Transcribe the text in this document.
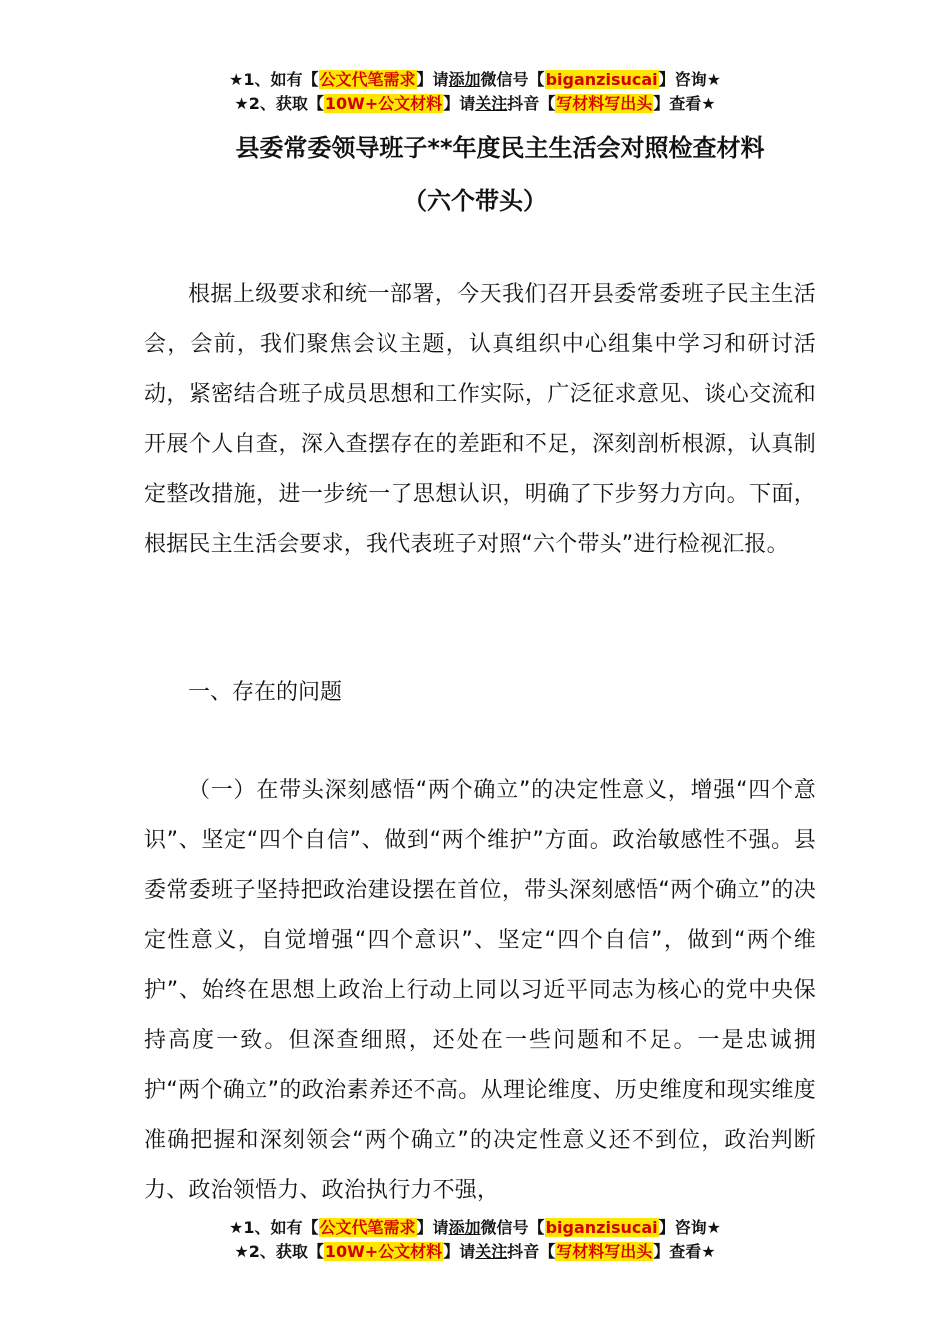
★1、如有【公文代笔需求】请添加微信号【biganzisucai】咨询★
★2、获取【10W+公文材料】请关注抖音【写材料写出头】查看★
县委常委领导班子**年度民主生活会对照检查材料
（六个带头）

根据上级要求和统一部署，今天我们召开县委常委班子民主生活会，会前，我们聚焦会议主题，认真组织中心组集中学习和研讨活动，紧密结合班子成员思想和工作实际，广泛征求意见、谈心交流和开展个人自查，深入查摆存在的差距和不足，深刻剖析根源，认真制定整改措施，进一步统一了思想认识，明确了下步努力方向。下面，根据民主生活会要求，我代表班子对照“六个带头”进行检视汇报。

一、存在的问题

（一）在带头深刻感悟“两个确立”的决定性意义，增强“四个意识”、坚定“四个自信”、做到“两个维护”方面。政治敏感性不强。县委常委班子坚持把政治建设摆在首位，带头深刻感悟“两个确立”的决定性意义，自觉增强“四个意识”、坚定“四个自信”，做到“两个维护”、始终在思想上政治上行动上同以习近平同志为核心的党中央保持高度一致。但深查细照，还处在一些问题和不足。一是忠诚拥护“两个确立”的政治素养还不高。从理论维度、历史维度和现实维度准确把握和深刻领会“两个确立”的决定性意义还不到位，政治判断力、政治领悟力、政治执行力不强，

★1、如有【公文代笔需求】请添加微信号【biganzisucai】咨询★
★2、获取【10W+公文材料】请关注抖音【写材料写出头】查看★
